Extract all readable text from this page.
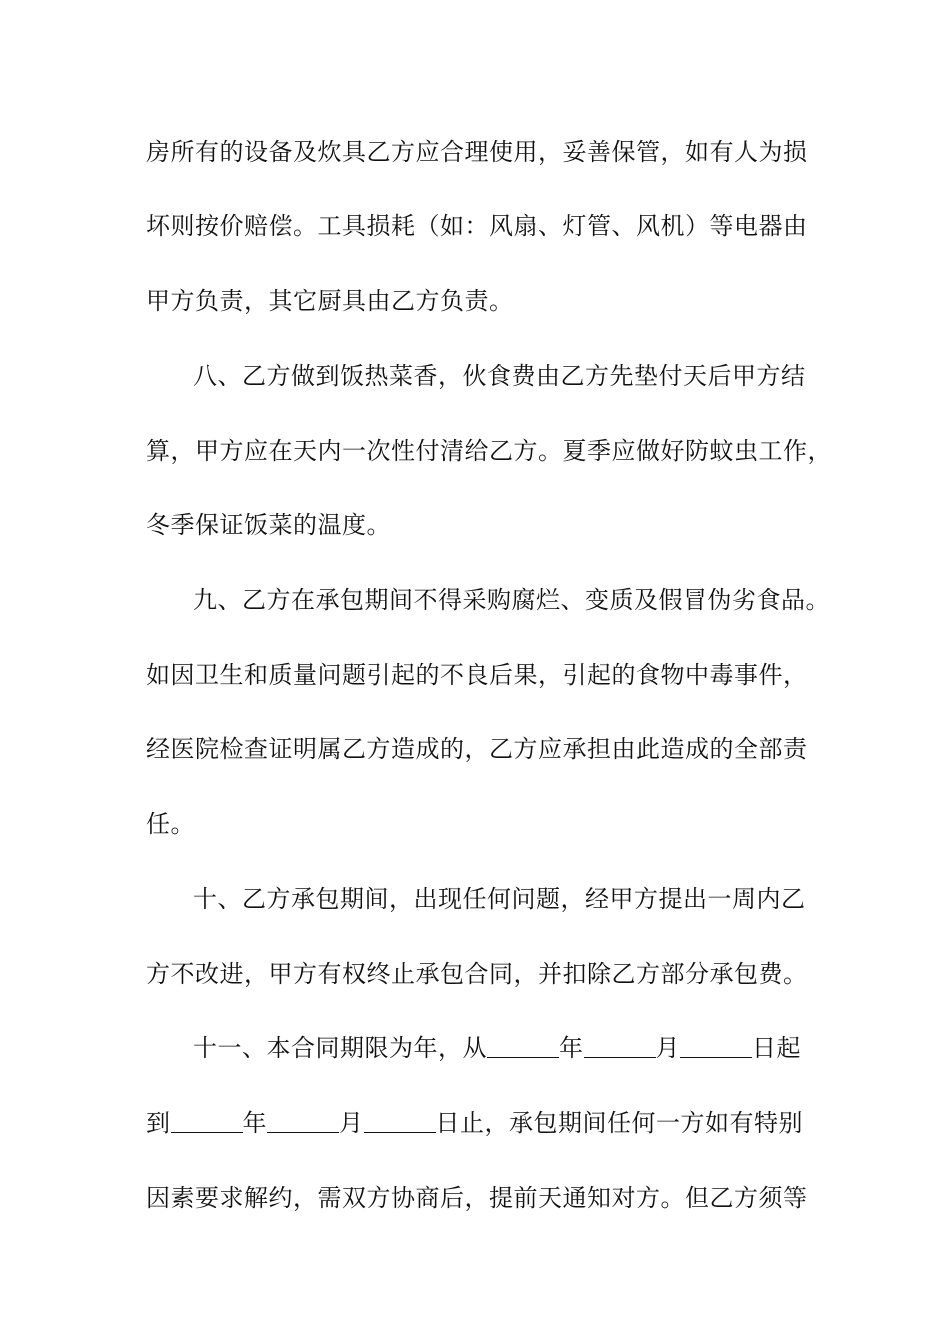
房所有的设备及炊具乙方应合理使用，妥善保管，如有人为损
坏则按价赔偿。工具损耗（如：风扇、灯管、风机）等电器由
甲方负责，其它厨具由乙方负责。
八、乙方做到饭热菜香，伙食费由乙方先垫付天后甲方结
算，甲方应在天内一次性付清给乙方。夏季应做好防蚊虫工作，
冬季保证饭菜的温度。
九、乙方在承包期间不得采购腐烂、变质及假冒伪劣食品。
如因卫生和质量问题引起的不良后果，引起的食物中毒事件，
经医院检查证明属乙方造成的，乙方应承担由此造成的全部责
任。
十、乙方承包期间，出现任何问题，经甲方提出一周内乙
方不改进，甲方有权终止承包合同，并扣除乙方部分承包费。
十一、本合同期限为年，从	年	月	日起
到	年	月	日止，承包期间任何一方如有特别
因素要求解约，需双方协商后，提前天通知对方。但乙方须等
